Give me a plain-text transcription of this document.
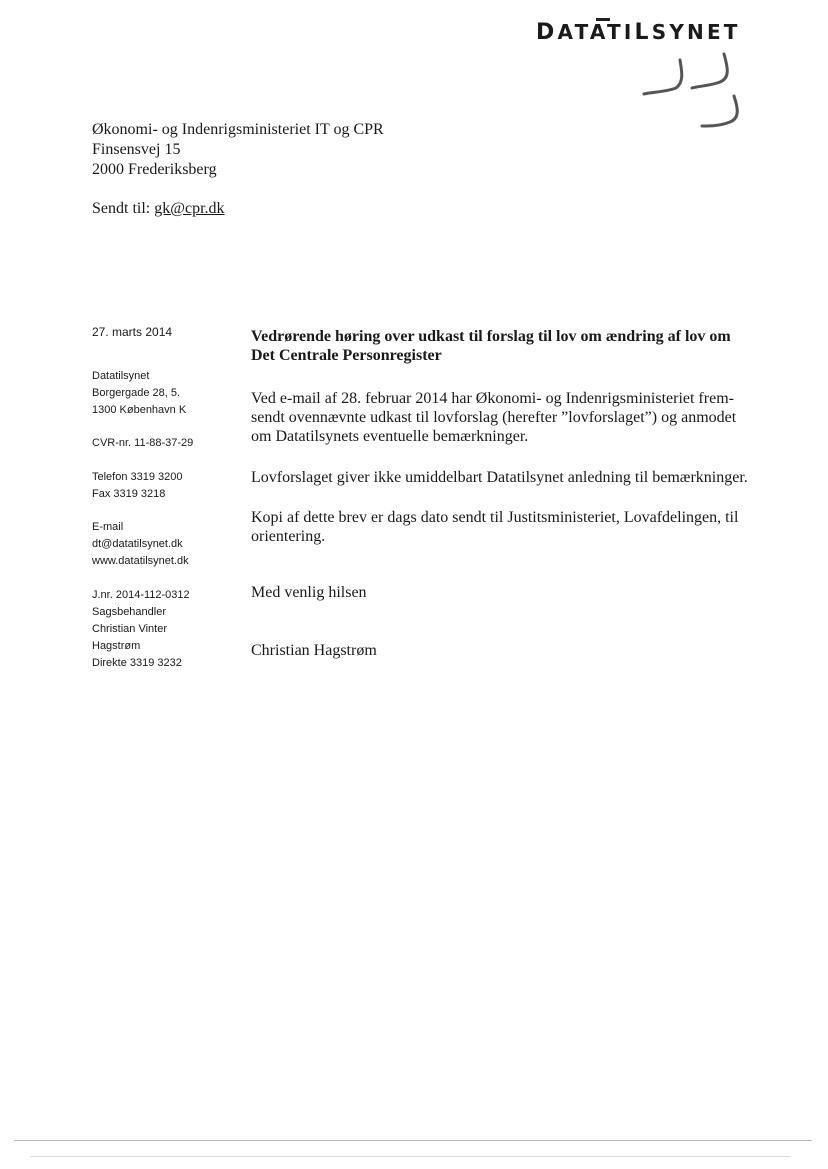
DATATILSYNET
Økonomi- og Indenrigsministeriet IT og CPR
Finsensvej 15
2000 Frederiksberg
Sendt til: gk@cpr.dk
27. marts 2014
Datatilsynet
Borgergade 28, 5.
1300 København K
CVR-nr. 11-88-37-29
Telefon 3319 3200
Fax 3319 3218
E-mail
dt@datatilsynet.dk
www.datatilsynet.dk
J.nr. 2014-112-0312
Sagsbehandler
Christian Vinter
Hagstrøm
Direkte 3319 3232
Vedrørende høring over udkast til forslag til lov om ændring af lov om
Det Centrale Personregister
Ved e-mail af 28. februar 2014 har Økonomi- og Indenrigsministeriet frem-
sendt ovennævnte udkast til lovforslag (herefter ”lovforslaget”) og anmodet
om Datatilsynets eventuelle bemærkninger.
Lovforslaget giver ikke umiddelbart Datatilsynet anledning til bemærkninger.
Kopi af dette brev er dags dato sendt til Justitsministeriet, Lovafdelingen, til
orientering.
Med venlig hilsen
Christian Hagstrøm
